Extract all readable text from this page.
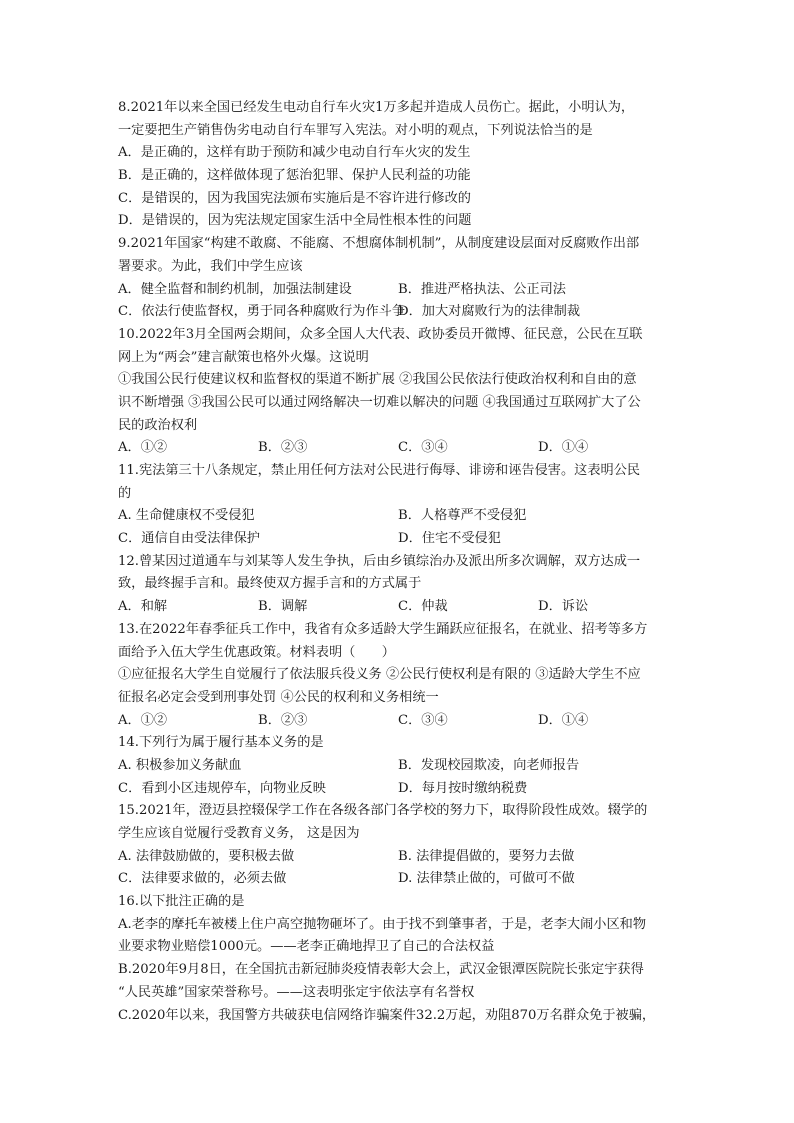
8.2021年以来全国已经发生电动自行车火灾1万多起并造成人员伤亡。据此，小明认为，
一定要把生产销售伪劣电动自行车罪写入宪法。对小明的观点，下列说法恰当的是
A．是正确的，这样有助于预防和减少电动自行车火灾的发生
B．是正确的，这样做体现了惩治犯罪、保护人民利益的功能
C．是错误的，因为我国宪法颁布实施后是不容许进行修改的
D．是错误的，因为宪法规定国家生活中全局性根本性的问题
9.2021年国家“构建不敢腐、不能腐、不想腐体制机制”，从制度建设层面对反腐败作出部
署要求。为此，我们中学生应该
A．健全监督和制约机制，加强法制建设	B．推进严格执法、公正司法
C．依法行使监督权，勇于同各种腐败行为作斗争
D．加大对腐败行为的法律制裁
10.2022年3月全国两会期间，众多全国人大代表、政协委员开微博、征民意，公民在互联
网上为“两会”建言献策也格外火爆。这说明
①我国公民行使建议权和监督权的渠道不断扩展 ②我国公民依法行使政治权利和自由的意
识不断增强 ③我国公民可以通过网络解决一切难以解决的问题 ④我国通过互联网扩大了公
民的政治权利
A．①②	B．②③	C．③④	D．①④
11.宪法第三十八条规定，禁止用任何方法对公民进行侮辱、诽谤和诬告侵害。这表明公民
的
A. 生命健康权不受侵犯	B．人格尊严不受侵犯
C．通信自由受法律保护	D．住宅不受侵犯
12.曾某因过道通车与刘某等人发生争执，后由乡镇综治办及派出所多次调解，双方达成一
致，最终握手言和。最终使双方握手言和的方式属于
A．和解	B．调解	C．仲裁	D．诉讼
13.在2022年春季征兵工作中，我省有众多适龄大学生踊跃应征报名，在就业、招考等多方
面给予入伍大学生优惠政策。材料表明（　　）
①应征报名大学生自觉履行了依法服兵役义务 ②公民行使权利是有限的 ③适龄大学生不应
征报名必定会受到刑事处罚 ④公民的权利和义务相统一
A．①②	B．②③	C．③④	D．①④
14.下列行为属于履行基本义务的是
A. 积极参加义务献血	B．发现校园欺凌，向老师报告
C．看到小区违规停车，向物业反映	D．每月按时缴纳税费
15.2021年，澄迈县控辍保学工作在各级各部门各学校的努力下，取得阶段性成效。辍学的
学生应该自觉履行受教育义务， 这是因为
A. 法律鼓励做的，要积极去做	B. 法律提倡做的，要努力去做
C．法律要求做的，必须去做	D. 法律禁止做的，可做可不做
16.以下批注正确的是
A.老李的摩托车被楼上住户高空抛物砸坏了。由于找不到肇事者，于是，老李大闹小区和物
业要求物业赔偿1000元。——老李正确地捍卫了自己的合法权益
B.2020年9月8日，在全国抗击新冠肺炎疫情表彰大会上，武汉金银潭医院院长张定宇获得
“人民英雄”国家荣誉称号。——这表明张定宇依法享有名誉权
C.2020年以来，我国警方共破获电信网络诈骗案件32.2万起，劝阻870万名群众免于被骗，
